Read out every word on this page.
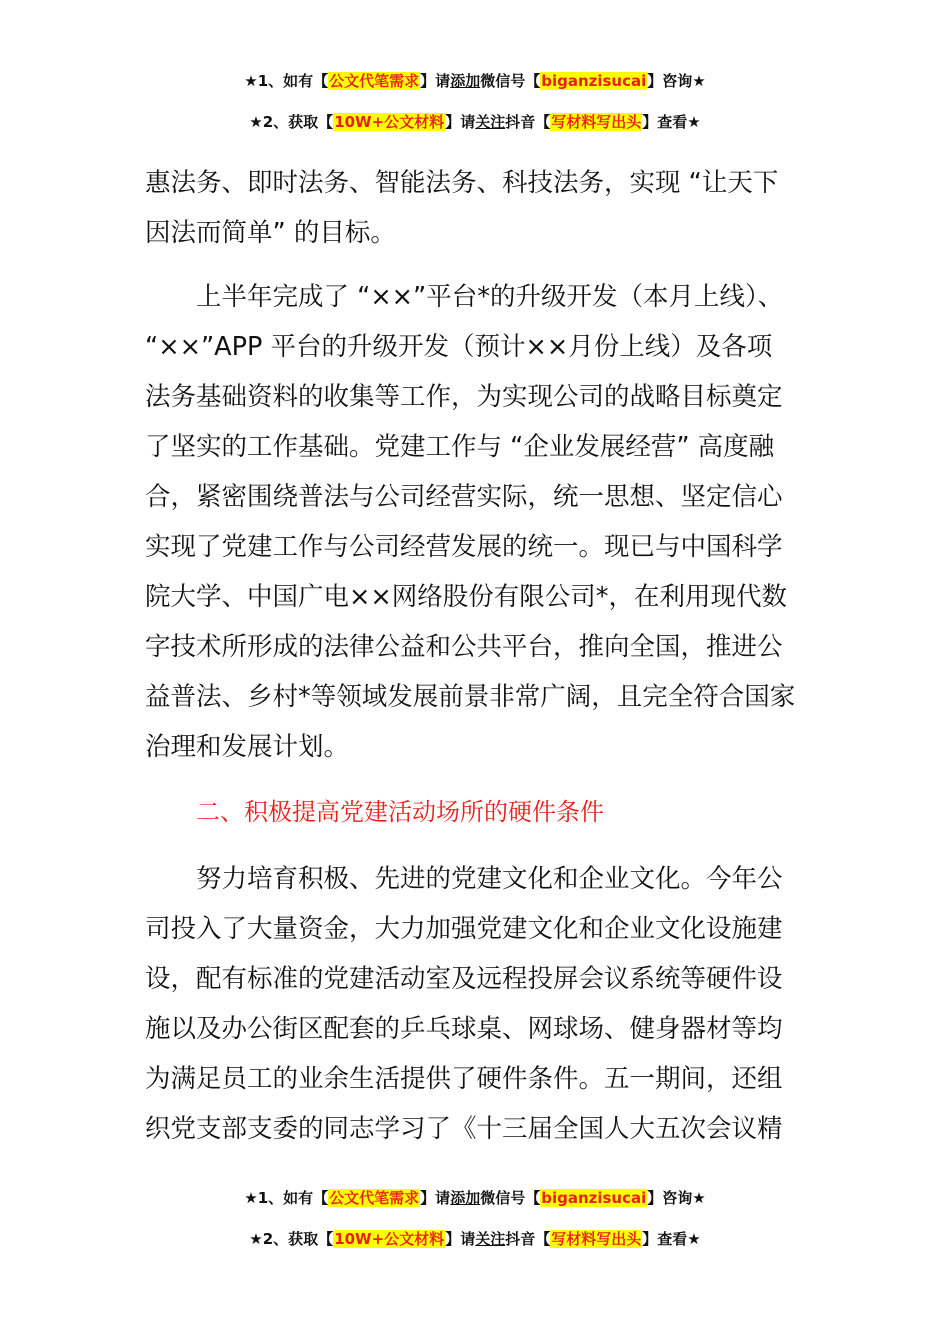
★1、如有【公文代笔需求】请添加微信号【biganzisucai】咨询★
★2、获取【10W+公文材料】请关注抖音【写材料写出头】查看★
惠法务、即时法务、智能法务、科技法务，实现 “让天下
因法而简单” 的目标。
　　上半年完成了 “××”平台*的升级开发（本月上线）、
“××”APP 平台的升级开发（预计××月份上线）及各项
法务基础资料的收集等工作，为实现公司的战略目标奠定
了坚实的工作基础。党建工作与 “企业发展经营” 高度融
合，紧密围绕普法与公司经营实际，统一思想、坚定信心
实现了党建工作与公司经营发展的统一。现已与中国科学
院大学、中国广电××网络股份有限公司*，在利用现代数
字技术所形成的法律公益和公共平台，推向全国，推进公
益普法、乡村*等领域发展前景非常广阔，且完全符合国家
治理和发展计划。
二、积极提高党建活动场所的硬件条件
　　努力培育积极、先进的党建文化和企业文化。今年公
司投入了大量资金，大力加强党建文化和企业文化设施建
设，配有标准的党建活动室及远程投屏会议系统等硬件设
施以及办公街区配套的乒乓球桌、网球场、健身器材等均
为满足员工的业余生活提供了硬件条件。五一期间，还组
织党支部支委的同志学习了《十三届全国人大五次会议精
★1、如有【公文代笔需求】请添加微信号【biganzisucai】咨询★
★2、获取【10W+公文材料】请关注抖音【写材料写出头】查看★
